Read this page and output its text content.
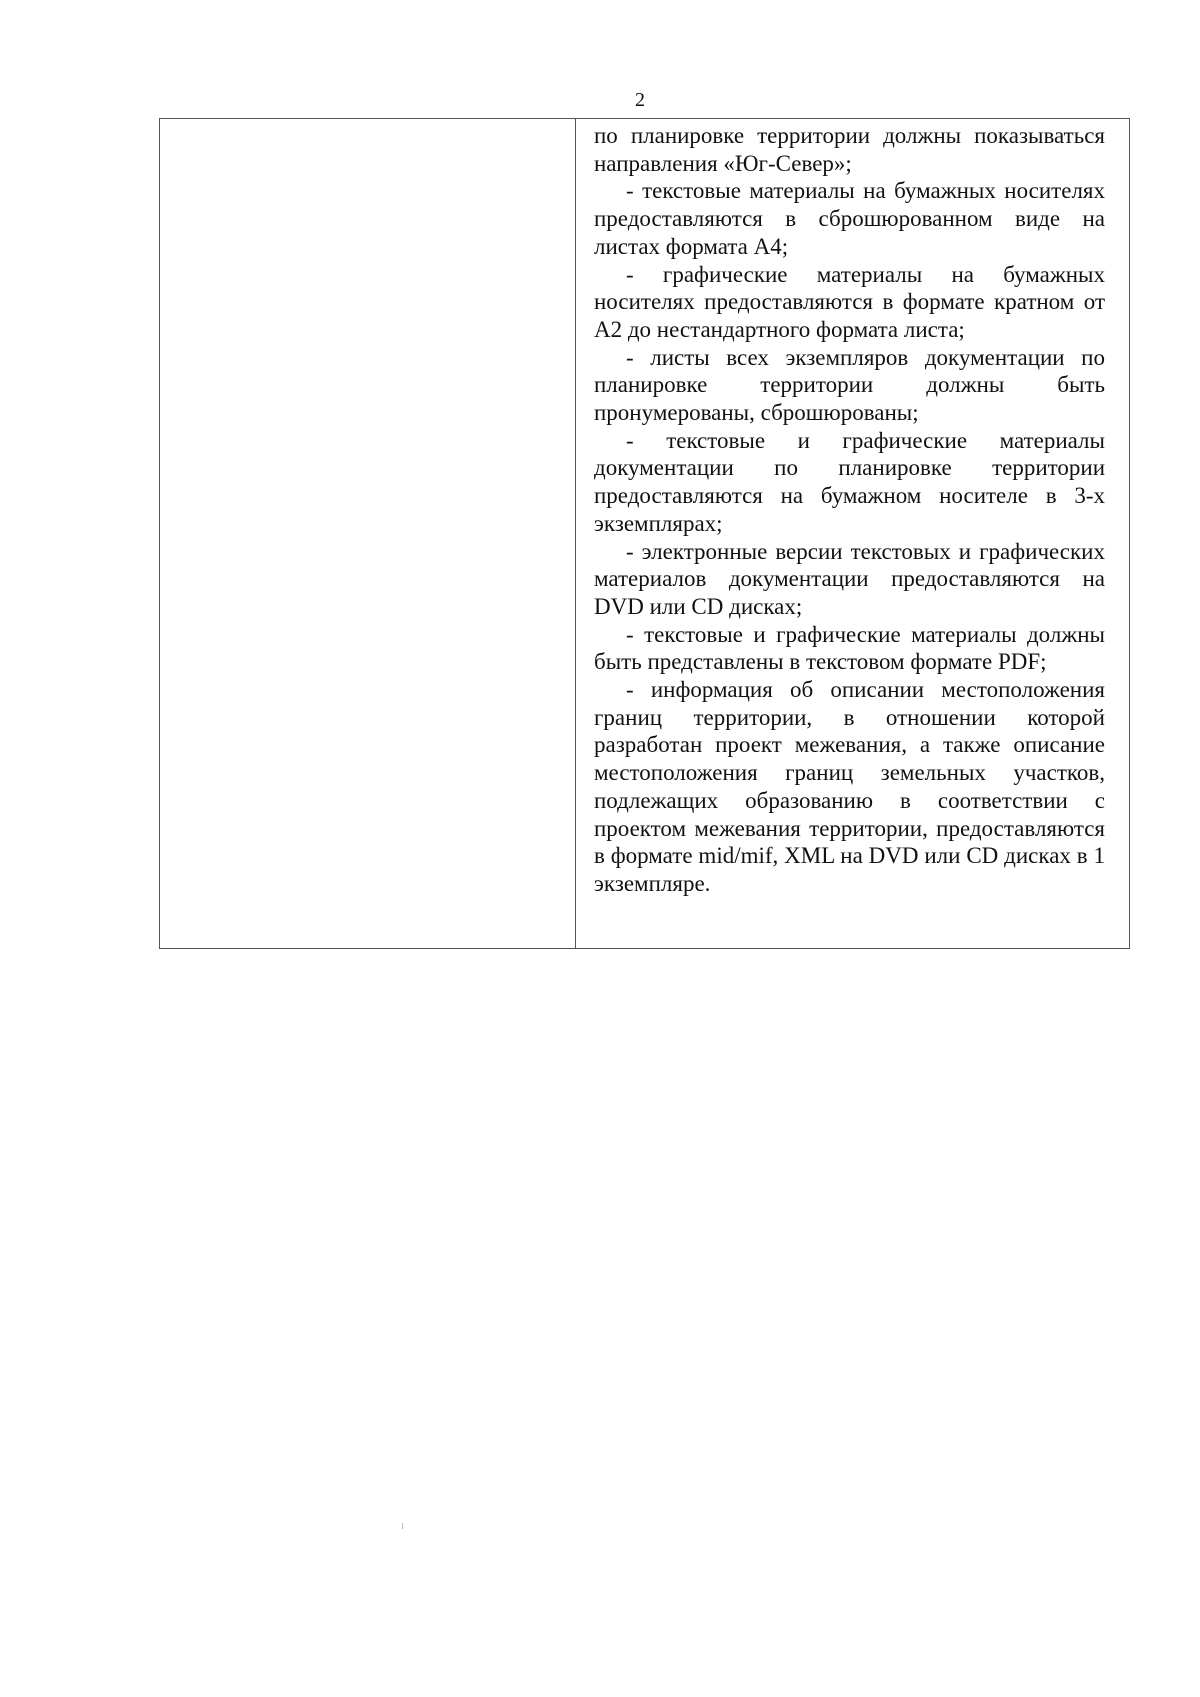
2

по планировке территории должны показываться направления «Юг-Север»;

- текстовые материалы на бумажных носителях предоставляются в сброшюрованном виде на листах формата А4;

- графические материалы на бумажных носителях предоставляются в формате кратном от А2 до нестандартного формата листа;

- листы всех экземпляров документации по планировке территории должны быть пронумерованы, сброшюрованы;

- текстовые и графические материалы документации по планировке территории предоставляются на бумажном носителе в 3-х экземплярах;

- электронные версии текстовых и графических материалов документации предоставляются на DVD или CD дисках;

- текстовые и графические материалы должны быть представлены в текстовом формате PDF;

- информация об описании местоположения границ территории, в отношении которой разработан проект межевания, а также описание местоположения границ земельных участков, подлежащих образованию в соответствии с проектом межевания территории, предоставляются в формате mid/mif, XML на DVD или CD дисках в 1 экземпляре.
